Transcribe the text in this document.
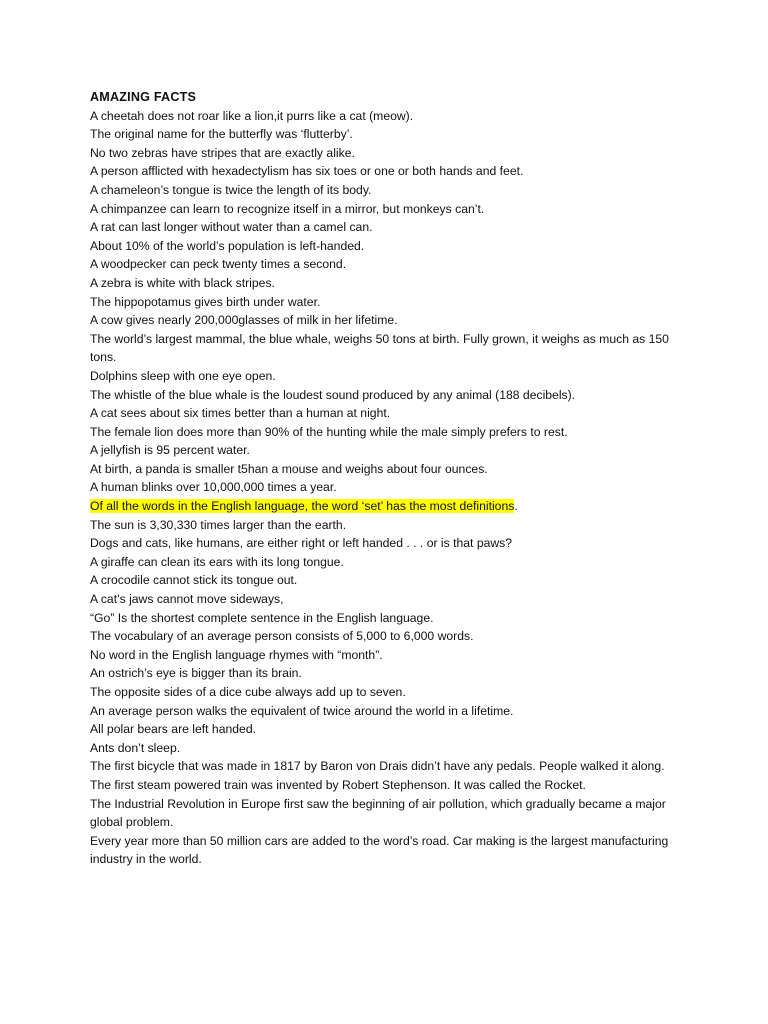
AMAZING FACTS
A cheetah does not roar like a lion,it purrs like a cat (meow).
The original name for the butterfly was ‘flutterby’.
No two zebras have stripes that are exactly alike.
A person afflicted with hexadectylism has six toes or one or both hands and feet.
A chameleon’s tongue is twice the length of its body.
A chimpanzee can learn to recognize itself in a mirror, but monkeys can’t.
A rat can last longer without water than a camel can.
About 10% of the world’s population is left-handed.
A woodpecker can peck twenty times a second.
A zebra is white with black stripes.
The hippopotamus gives birth under water.
A cow gives nearly 200,000glasses of milk in her lifetime.
The world’s largest mammal, the blue whale, weighs 50 tons at birth. Fully grown, it weighs as much as 150 tons.
Dolphins sleep with one eye open.
The whistle of the blue whale is the loudest sound produced by any animal (188 decibels).
A cat sees about six times better than a human at night.
The female lion does more than 90% of the hunting while the male simply prefers to rest.
A jellyfish is 95 percent water.
At birth, a panda is smaller t5han a mouse and weighs about four ounces.
A human blinks over 10,000,000 times a year.
Of all the words in the English language, the word ‘set’ has the most definitions.
The sun is 3,30,330 times larger than the earth.
Dogs and cats, like humans, are either right or left handed . . . or is that paws?
A giraffe can clean its ears with its long tongue.
A crocodile cannot stick its tongue out.
A cat’s jaws cannot move sideways,
“Go” Is the shortest complete sentence in the English language.
The vocabulary of an average person consists of 5,000 to 6,000 words.
No word in the English language rhymes with “month”.
An ostrich’s eye is bigger than its brain.
The opposite sides of a dice cube always add up to seven.
An average person walks the equivalent of twice around the world in a lifetime.
All polar bears are left handed.
Ants don’t sleep.
The first bicycle that was made in 1817 by Baron von Drais didn’t have any pedals. People walked it along.
The first steam powered train was invented by Robert Stephenson. It was called the Rocket.
The Industrial Revolution in Europe first saw the beginning of air pollution, which gradually became a major global problem.
Every year more than 50 million cars are added to the word’s road. Car making is the largest manufacturing industry in the world.
